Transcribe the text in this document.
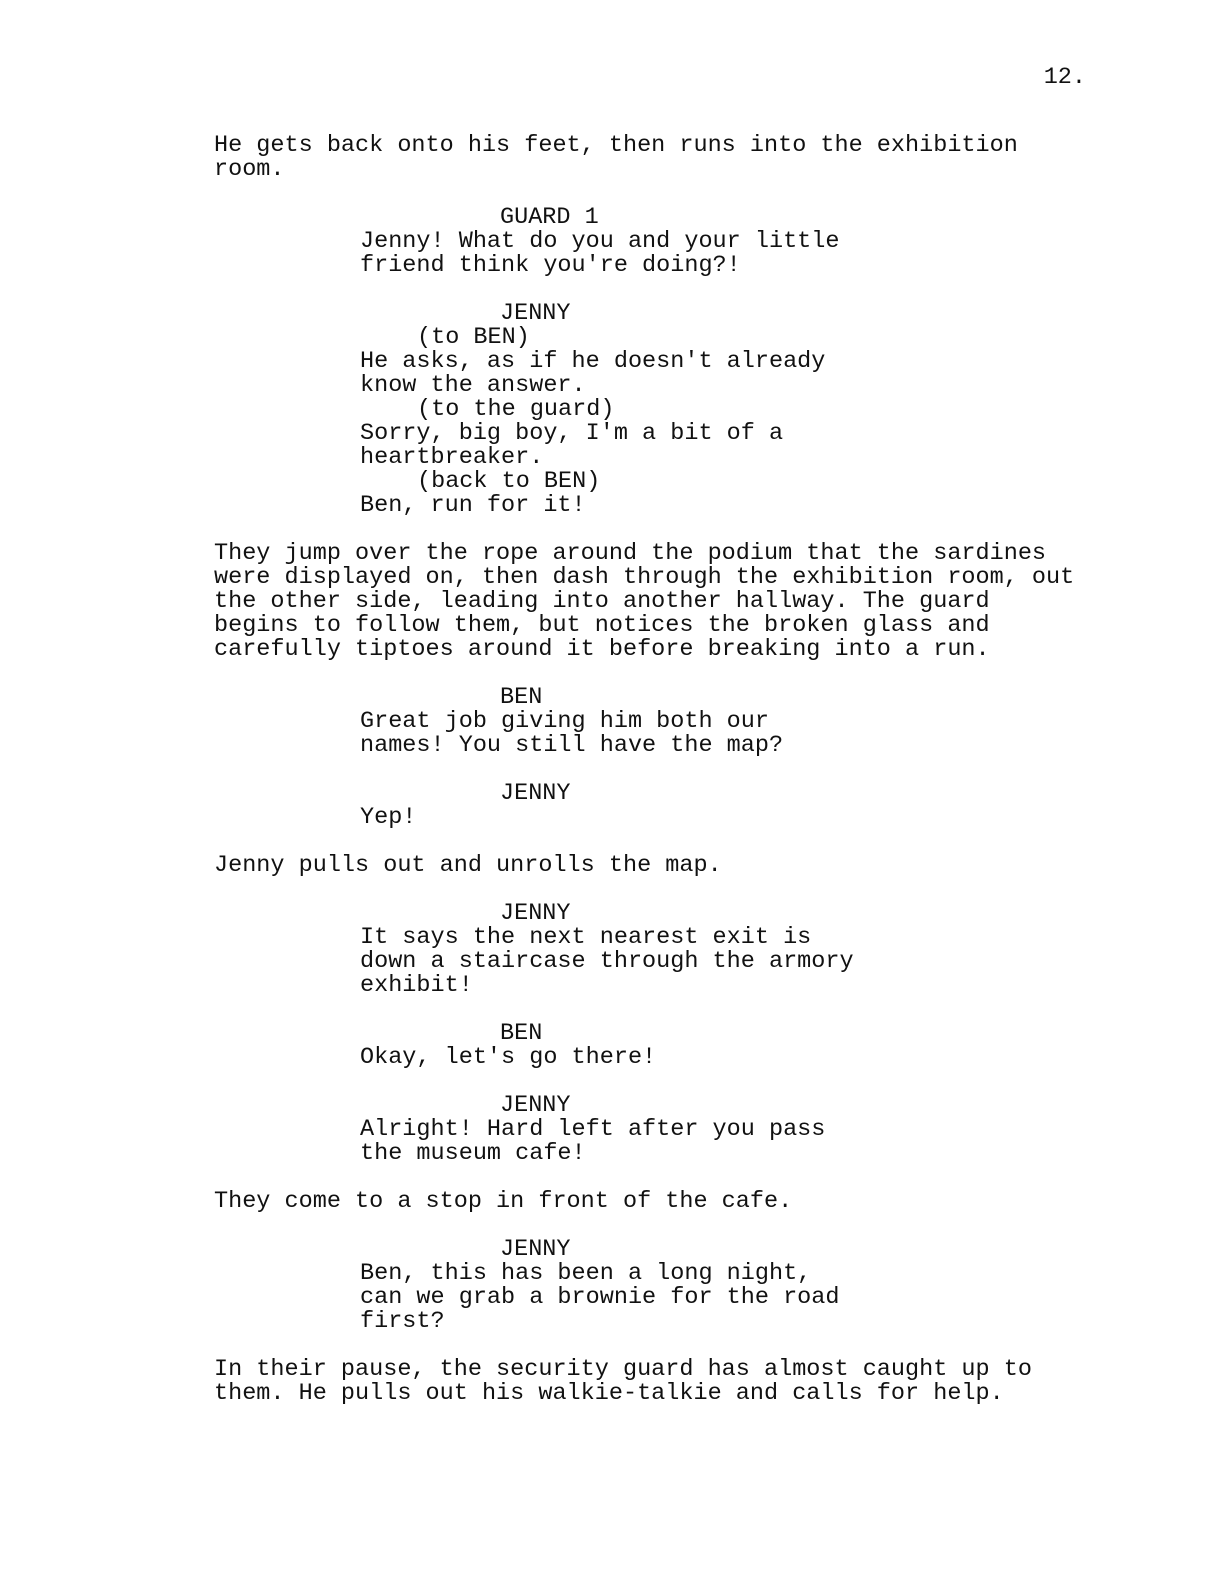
12.
He gets back onto his feet, then runs into the exhibition
room.
GUARD 1
Jenny! What do you and your little
friend think you're doing?!
JENNY
(to BEN)
He asks, as if he doesn't already
know the answer.
(to the guard)
Sorry, big boy, I'm a bit of a
heartbreaker.
(back to BEN)
Ben, run for it!
They jump over the rope around the podium that the sardines
were displayed on, then dash through the exhibition room, out
the other side, leading into another hallway. The guard
begins to follow them, but notices the broken glass and
carefully tiptoes around it before breaking into a run.
BEN
Great job giving him both our
names! You still have the map?
JENNY
Yep!
Jenny pulls out and unrolls the map.
JENNY
It says the next nearest exit is
down a staircase through the armory
exhibit!
BEN
Okay, let's go there!
JENNY
Alright! Hard left after you pass
the museum cafe!
They come to a stop in front of the cafe.
JENNY
Ben, this has been a long night,
can we grab a brownie for the road
first?
In their pause, the security guard has almost caught up to
them. He pulls out his walkie-talkie and calls for help.
